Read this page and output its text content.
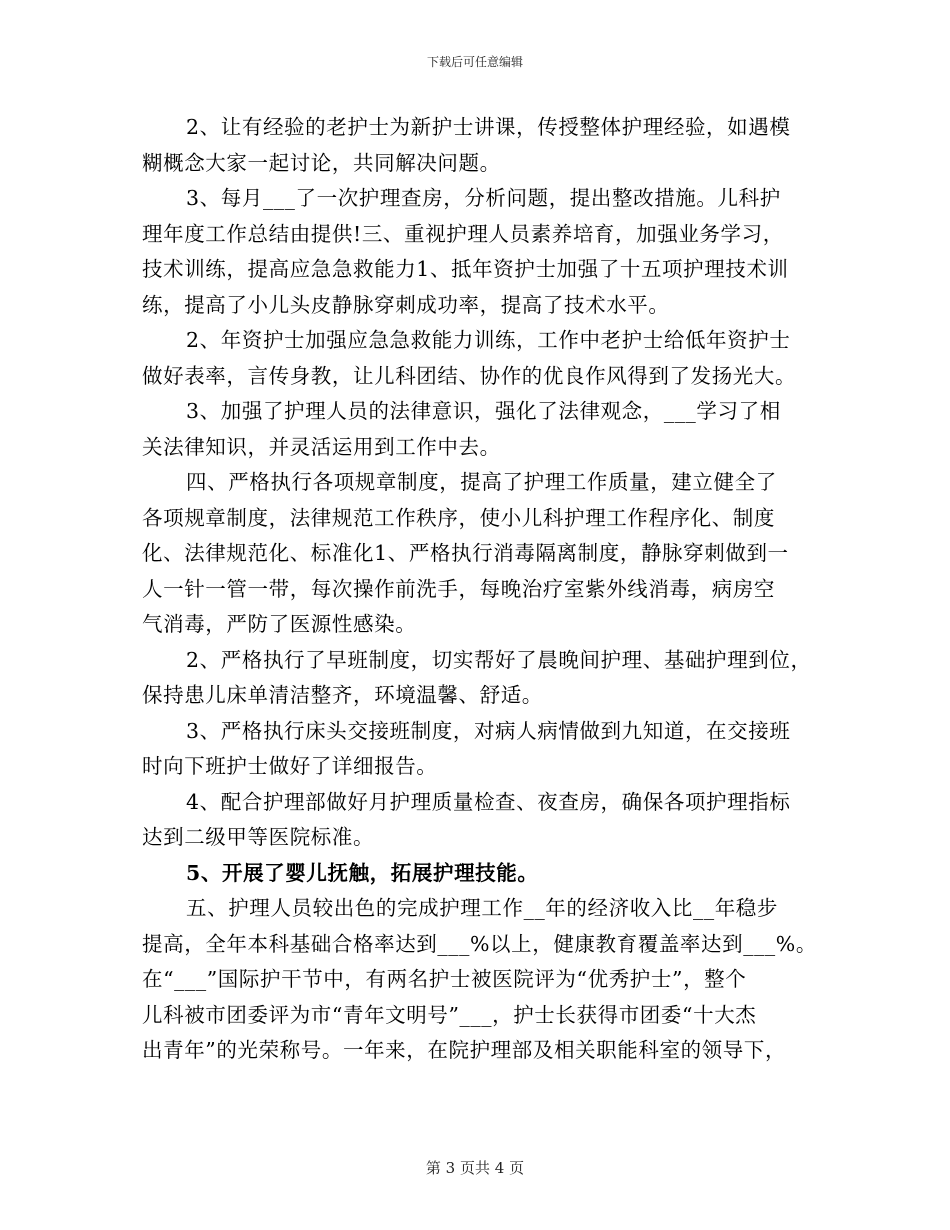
下载后可任意编辑
2、让有经验的老护士为新护士讲课，传授整体护理经验，如遇模
糊概念大家一起讨论，共同解决问题。
3、每月___了一次护理查房，分析问题，提出整改措施。儿科护
理年度工作总结由提供!三、重视护理人员素养培育，加强业务学习，
技术训练，提高应急急救能力1、抵年资护士加强了十五项护理技术训
练，提高了小儿头皮静脉穿刺成功率，提高了技术水平。
2、年资护士加强应急急救能力训练，工作中老护士给低年资护士
做好表率，言传身教，让儿科团结、协作的优良作风得到了发扬光大。
3、加强了护理人员的法律意识，强化了法律观念，___学习了相
关法律知识，并灵活运用到工作中去。
四、严格执行各项规章制度，提高了护理工作质量，建立健全了
各项规章制度，法律规范工作秩序，使小儿科护理工作程序化、制度
化、法律规范化、标准化1、严格执行消毒隔离制度，静脉穿刺做到一
人一针一管一带，每次操作前洗手，每晚治疗室紫外线消毒，病房空
气消毒，严防了医源性感染。
2、严格执行了早班制度，切实帮好了晨晚间护理、基础护理到位，
保持患儿床单清洁整齐，环境温馨、舒适。
3、严格执行床头交接班制度，对病人病情做到九知道，在交接班
时向下班护士做好了详细报告。
4、配合护理部做好月护理质量检查、夜查房，确保各项护理指标
达到二级甲等医院标准。
5、开展了婴儿抚触，拓展护理技能。
五、护理人员较出色的完成护理工作__年的经济收入比__年稳步
提高，全年本科基础合格率达到___%以上，健康教育覆盖率达到___%。
在“___”国际护干节中，有两名护士被医院评为“优秀护士”，整个
儿科被市团委评为市“青年文明号”___，护士长获得市团委“十大杰
出青年”的光荣称号。一年来，在院护理部及相关职能科室的领导下，
第 3 页共 4 页
